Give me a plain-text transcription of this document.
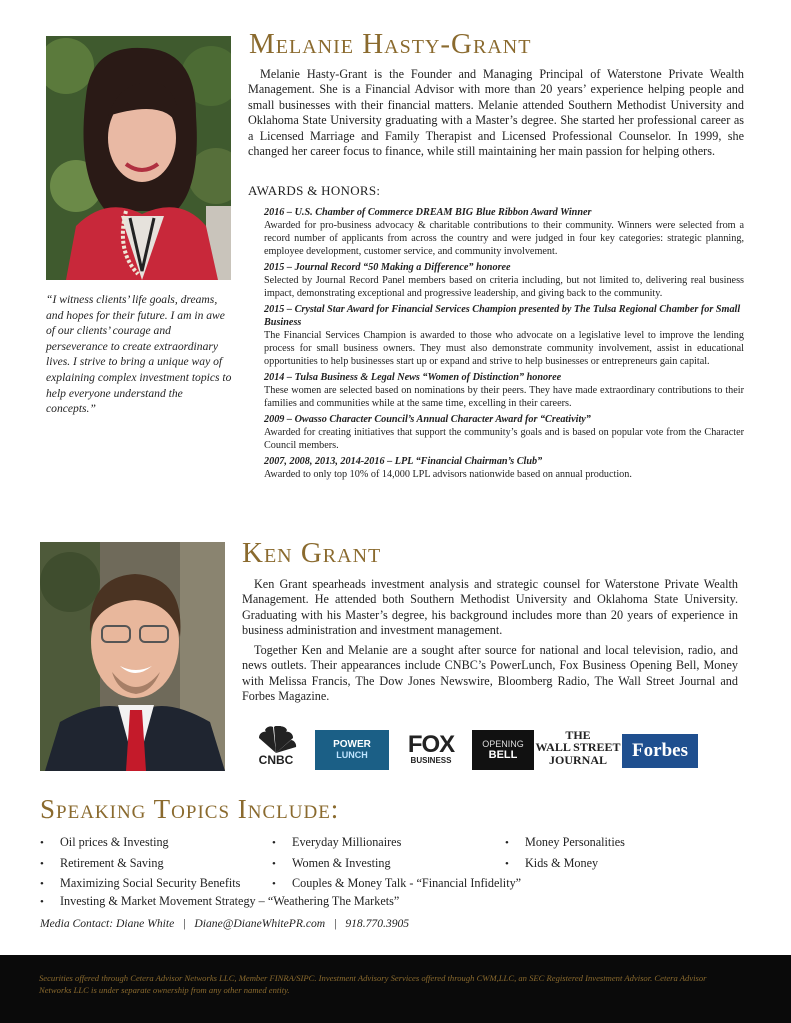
“I witness clients’ life goals, dreams, and hopes for their future. I am in awe of our clients’ courage and perseverance to create extraordinary lives. I strive to bring a unique way of explaining complex investment topics to help everyone understand the concepts.”

Melanie Hasty-Grant

Melanie Hasty-Grant is the Founder and Managing Principal of Waterstone Private Wealth Management. She is a Financial Advisor with more than 20 years’ experience helping people and small businesses with their financial matters. Melanie attended Southern Methodist University and Oklahoma State University graduating with a Master’s degree. She started her professional career as a Licensed Marriage and Family Therapist and Licensed Professional Counselor. In 1999, she changed her career focus to finance, while still maintaining her main passion for helping others.

AWARDS & HONORS:
2016 – U.S. Chamber of Commerce DREAM BIG Blue Ribbon Award Winner
Awarded for pro-business advocacy & charitable contributions to their community. Winners were selected from a record number of applicants from across the country and were judged in four key categories: strategic planning, employee development, customer service, and community involvement.
2015 – Journal Record “50 Making a Difference” honoree
Selected by Journal Record Panel members based on criteria including, but not limited to, delivering real business impact, demonstrating exceptional and progressive leadership, and giving back to the community.
2015 – Crystal Star Award for Financial Services Champion presented by The Tulsa Regional Chamber for Small Business
The Financial Services Champion is awarded to those who advocate on a legislative level to improve the lending process for small business owners. They must also demonstrate community involvement, assist in educational opportunities to help businesses start up or expand and strive to help businesses or entrepreneurs gain capital.
2014 – Tulsa Business & Legal News “Women of Distinction” honoree
These women are selected based on nominations by their peers. They have made extraordinary contributions to their families and communities while at the same time, excelling in their careers.
2009 – Owasso Character Council’s Annual Character Award for “Creativity”
Awarded for creating initiatives that support the community’s goals and is based on popular vote from the Character Council members.
2007, 2008, 2013, 2014-2016 – LPL “Financial Chairman’s Club”
Awarded to only top 10% of 14,000 LPL advisors nationwide based on annual production.
Ken Grant

Ken Grant spearheads investment analysis and strategic counsel for Waterstone Private Wealth Management. He attended both Southern Methodist University and Oklahoma State University. Graduating with his Master’s degree, his background includes more than 20 years of experience in business administration and investment management.

Together Ken and Melanie are a sought after source for national and local television, radio, and news outlets. Their appearances include CNBC’s PowerLunch, Fox Business Opening Bell, Money with Melissa Francis, The Dow Jones Newswire, Bloomberg Radio, The Wall Street Journal and Forbes Magazine.

CNBC
POWER
LUNCH FOX
BUSINESS
OPENING
BELL
THE
WALL STREET
JOURNAL Forbes
Speaking Topics Include:
• Oil prices & Investing
• Retirement & Saving
• Maximizing Social Security Benefits
• Everyday Millionaires
• Women & Investing
• Couples & Money Talk - “Financial Infidelity”
• Money Personalities
• Kids & Money
• Investing & Market Movement Strategy – “Weathering The Markets”
Media Contact: Diane White | Diane@DianeWhitePR.com | 918.770.3905

Securities offered through Cetera Advisor Networks LLC, Member FINRA/SIPC. Investment Advisory Services offered through CWM,LLC, an SEC Registered Investment Advisor. Cetera Advisor Networks LLC is under separate ownership from any other named entity.
